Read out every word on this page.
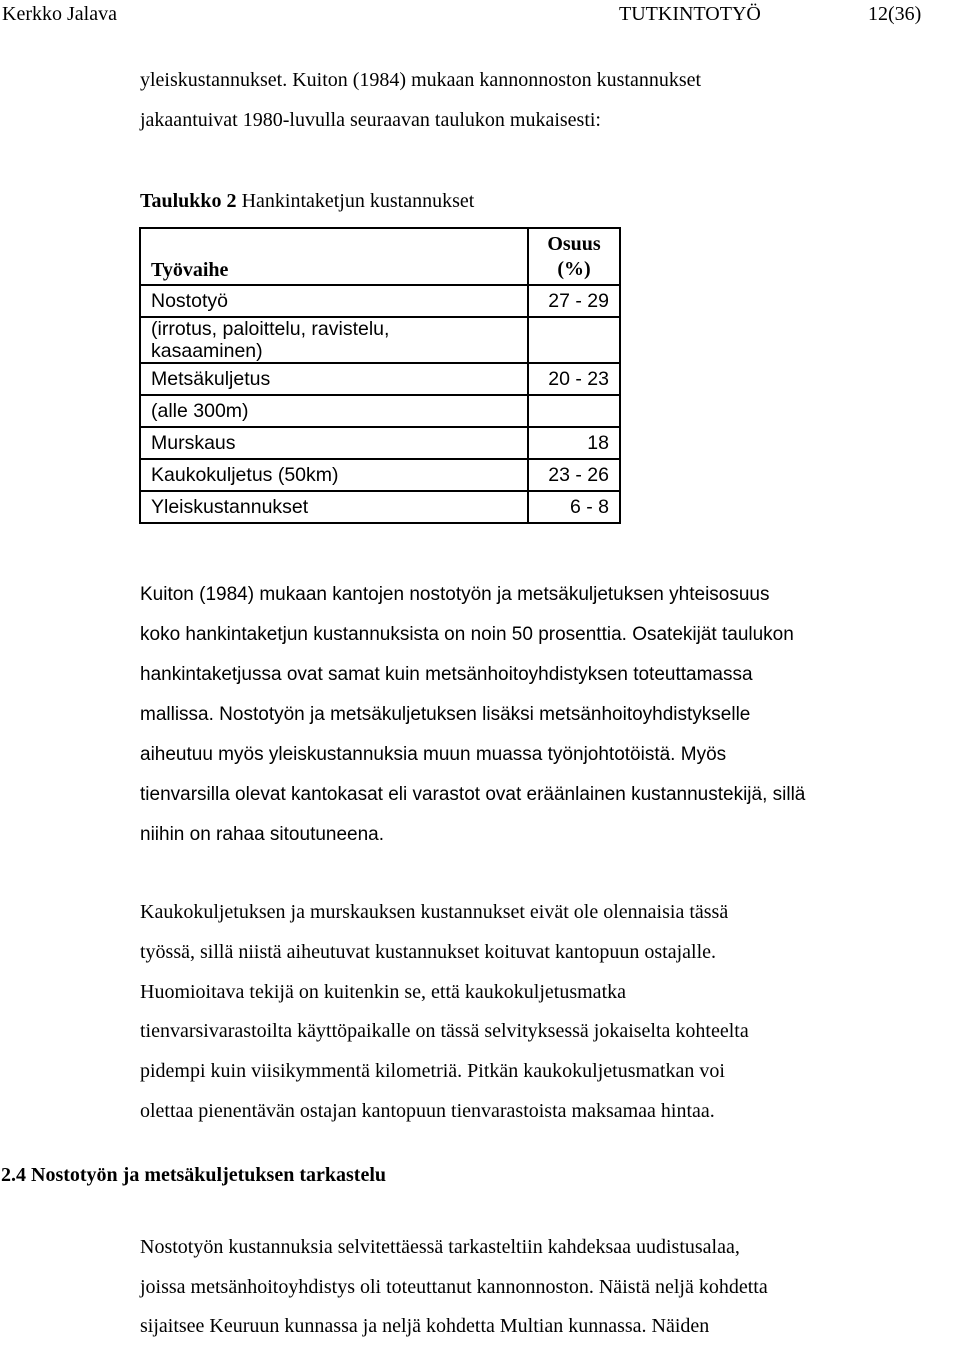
Kerkko Jalava	TUTKINTOTYÖ	12(36)
yleiskustannukset. Kuiton (1984) mukaan kannonnoston kustannukset
jakaantuivat 1980-luvulla seuraavan taulukon mukaisesti:
Taulukko 2 Hankintaketjun kustannukset
Työvaihe	Osuus
(%)

Nostotyö	27 - 29

(irrotus, paloittelu, ravistelu,
kasaaminen)	

Metsäkuljetus	20 - 23
(alle 300m)	
Murskaus	18
Kaukokuljetus (50km)	23 - 26
Yleiskustannukset	6 - 8
Kuiton (1984) mukaan kantojen nostotyön ja metsäkuljetuksen yhteisosuus
koko hankintaketjun kustannuksista on noin 50 prosenttia. Osatekijät taulukon
hankintaketjussa ovat samat kuin metsänhoitoyhdistyksen toteuttamassa
mallissa. Nostotyön ja metsäkuljetuksen lisäksi metsänhoitoyhdistykselle
aiheutuu myös yleiskustannuksia muun muassa työnjohtotöistä. Myös
tienvarsilla olevat kantokasat eli varastot ovat eräänlainen kustannustekijä, sillä
niihin on rahaa sitoutuneena.
Kaukokuljetuksen ja murskauksen kustannukset eivät ole olennaisia tässä
työssä, sillä niistä aiheutuvat kustannukset koituvat kantopuun ostajalle.
Huomioitava tekijä on kuitenkin se, että kaukokuljetusmatka
tienvarsivarastoilta käyttöpaikalle on tässä selvityksessä jokaiselta kohteelta
pidempi kuin viisikymmentä kilometriä. Pitkän kaukokuljetusmatkan voi
olettaa pienentävän ostajan kantopuun tienvarastoista maksamaa hintaa.
2.4 Nostotyön ja metsäkuljetuksen tarkastelu
Nostotyön kustannuksia selvitettäessä tarkasteltiin kahdeksaa uudistusalaa,
joissa metsänhoitoyhdistys oli toteuttanut kannonnoston. Näistä neljä kohdetta
sijaitsee Keuruun kunnassa ja neljä kohdetta Multian kunnassa. Näiden
